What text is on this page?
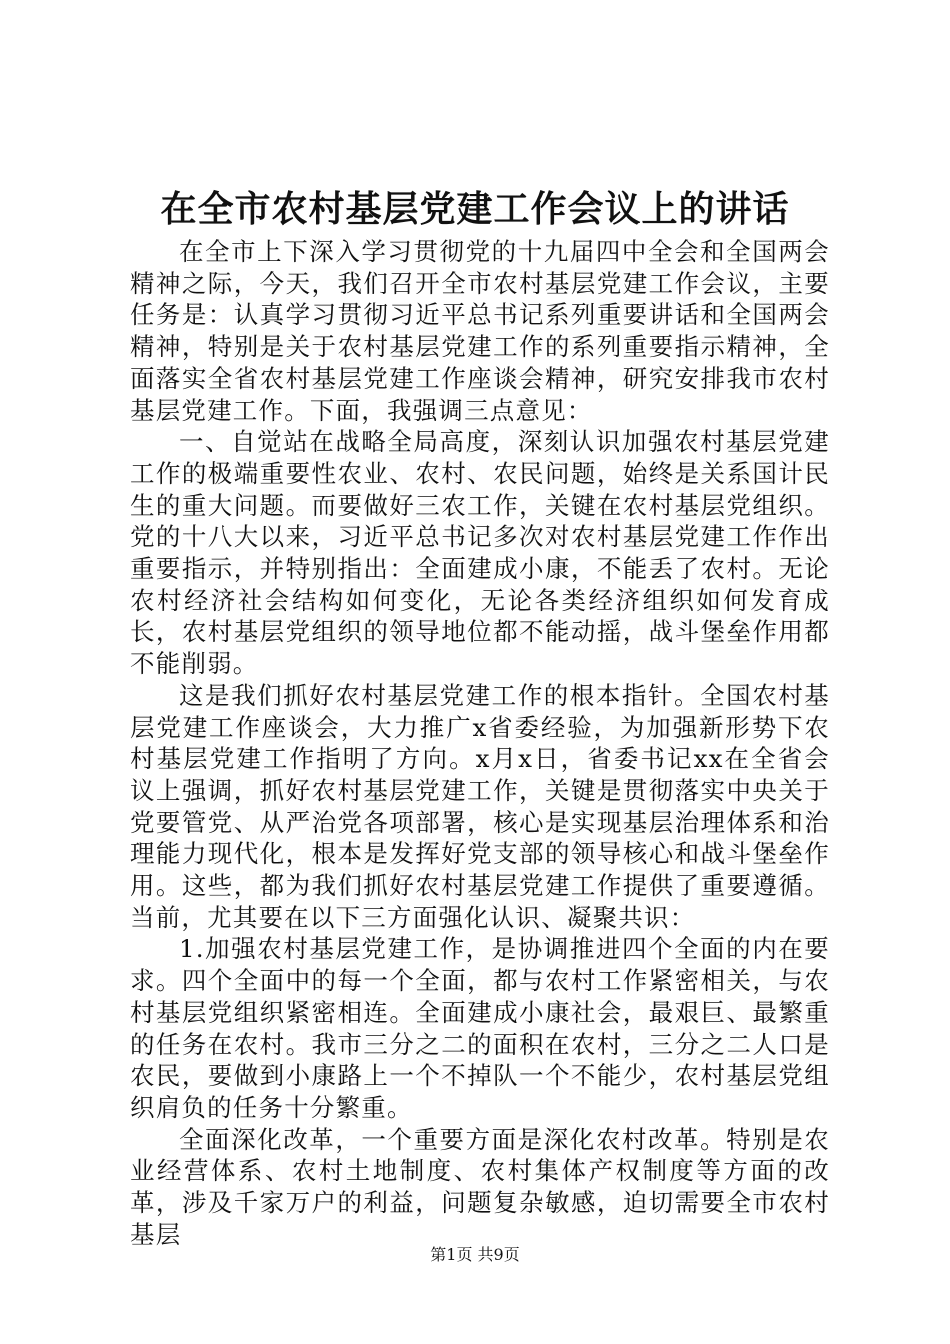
在全市农村基层党建工作会议上的讲话

在全市上下深入学习贯彻党的十九届四中全会和全国两会精神之际，今天，我们召开全市农村基层党建工作会议，主要任务是：认真学习贯彻习近平总书记系列重要讲话和全国两会精神，特别是关于农村基层党建工作的系列重要指示精神，全面落实全省农村基层党建工作座谈会精神，研究安排我市农村基层党建工作。下面，我强调三点意见：

一、自觉站在战略全局高度，深刻认识加强农村基层党建工作的极端重要性农业、农村、农民问题，始终是关系国计民生的重大问题。而要做好三农工作，关键在农村基层党组织。党的十八大以来，习近平总书记多次对农村基层党建工作作出重要指示，并特别指出：全面建成小康，不能丢了农村。无论农村经济社会结构如何变化，无论各类经济组织如何发育成长，农村基层党组织的领导地位都不能动摇，战斗堡垒作用都不能削弱。

这是我们抓好农村基层党建工作的根本指针。全国农村基层党建工作座谈会，大力推广x省委经验，为加强新形势下农村基层党建工作指明了方向。x月x日，省委书记xx在全省会议上强调，抓好农村基层党建工作，关键是贯彻落实中央关于党要管党、从严治党各项部署，核心是实现基层治理体系和治理能力现代化，根本是发挥好党支部的领导核心和战斗堡垒作用。这些，都为我们抓好农村基层党建工作提供了重要遵循。当前，尤其要在以下三方面强化认识、凝聚共识：

1.加强农村基层党建工作，是协调推进四个全面的内在要求。四个全面中的每一个全面，都与农村工作紧密相关，与农村基层党组织紧密相连。全面建成小康社会，最艰巨、最繁重的任务在农村。我市三分之二的面积在农村，三分之二人口是农民，要做到小康路上一个不掉队一个不能少，农村基层党组织肩负的任务十分繁重。

全面深化改革，一个重要方面是深化农村改革。特别是农业经营体系、农村土地制度、农村集体产权制度等方面的改革，涉及千家万户的利益，问题复杂敏感，迫切需要全市农村基层

第1页 共9页
